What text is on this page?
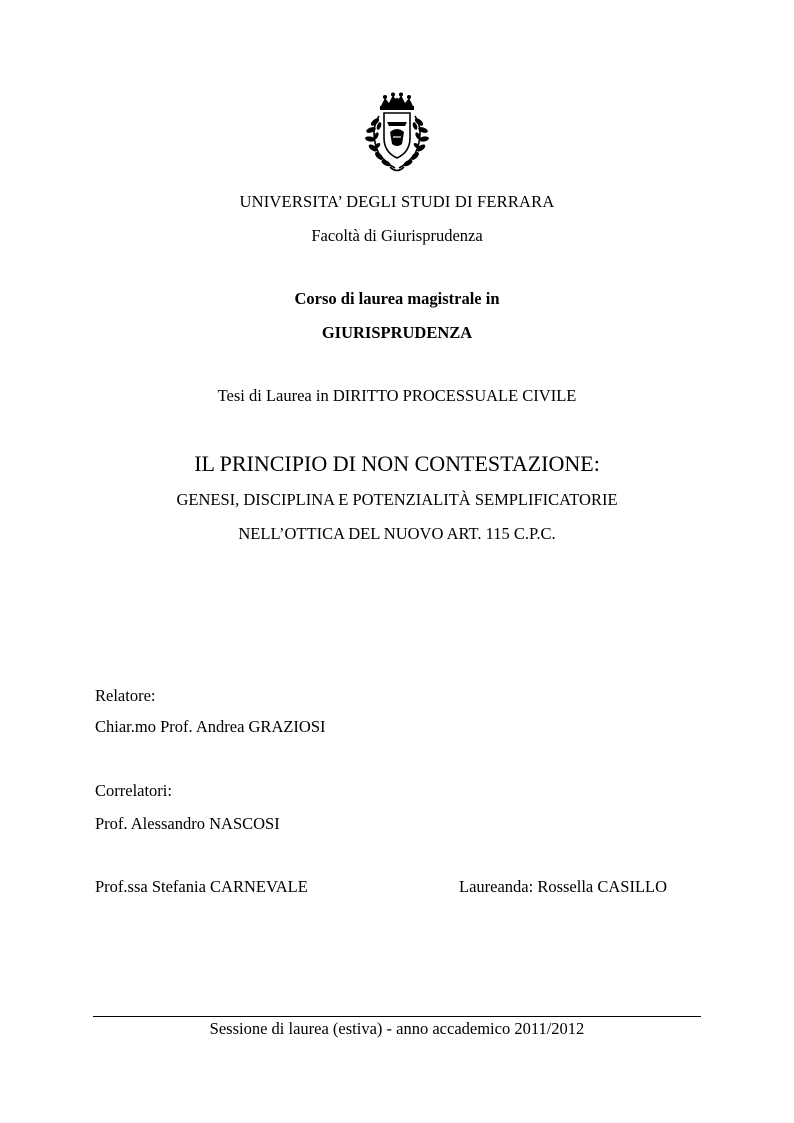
UNIVERSITA’ DEGLI STUDI DI FERRARA
Facoltà di Giurisprudenza
Corso di laurea magistrale in
GIURISPRUDENZA
Tesi di Laurea in DIRITTO PROCESSUALE CIVILE
IL PRINCIPIO DI NON CONTESTAZIONE:
GENESI, DISCIPLINA E POTENZIALITÀ SEMPLIFICATORIE
NELL’OTTICA DEL NUOVO ART. 115 C.P.C.
Relatore:
Chiar.mo Prof. Andrea GRAZIOSI
Correlatori:
Prof. Alessandro NASCOSI
Prof.ssa Stefania CARNEVALE	Laureanda: Rossella CASILLO
Sessione di laurea (estiva) - anno accademico 2011/2012
